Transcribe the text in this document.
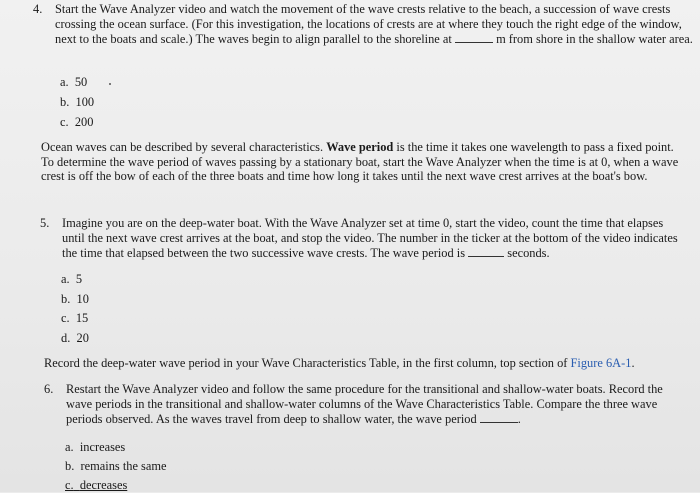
4. Start the Wave Analyzer video and watch the movement of the wave crests relative to the beach, a succession of wave crests crossing the ocean surface. (For this investigation, the locations of crests are at where they touch the right edge of the window, next to the boats and scale.) The waves begin to align parallel to the shoreline at	m from shore in the shallow water area.
a. 50
b. 100
c. 200
Ocean waves can be described by several characteristics. Wave period is the time it takes one wavelength to pass a fixed point. To determine the wave period of waves passing by a stationary boat, start the Wave Analyzer when the time is at 0, when a wave crest is off the bow of each of the three boats and time how long it takes until the next wave crest arrives at the boat's bow.
5. Imagine you are on the deep-water boat. With the Wave Analyzer set at time 0, start the video, count the time that elapses until the next wave crest arrives at the boat, and stop the video. The number in the ticker at the bottom of the video indicates the time that elapsed between the two successive wave crests. The wave period is	seconds.
a. 5
b. 10
c. 15
d. 20
Record the deep-water wave period in your Wave Characteristics Table, in the first column, top section of Figure 6A-1.
6. Restart the Wave Analyzer video and follow the same procedure for the transitional and shallow-water boats. Record the wave periods in the transitional and shallow-water columns of the Wave Characteristics Table. Compare the three wave periods observed. As the waves travel from deep to shallow water, the wave period	.
a. increases
b. remains the same
c. decreases
